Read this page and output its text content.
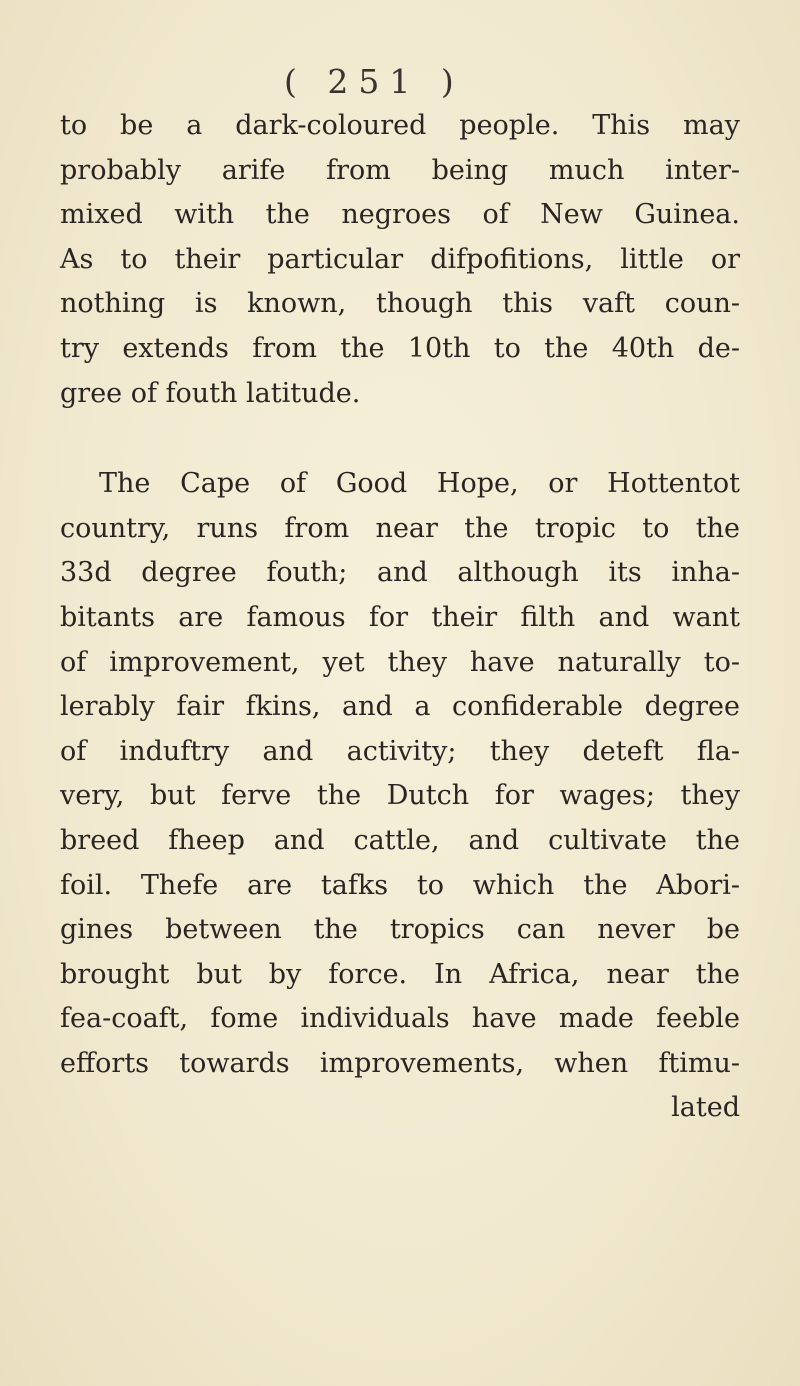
( 251 )
to be a dark-coloured people. This may
probably arife from being much inter-
mixed with the negroes of New Guinea.
As to their particular difpofitions, little or
nothing is known, though this vaft coun-
try extends from the 10th to the 40th de-
gree of fouth latitude.
The Cape of Good Hope, or Hottentot
country, runs from near the tropic to the
33d degree fouth; and although its inha-
bitants are famous for their filth and want
of improvement, yet they have naturally to-
lerably fair fkins, and a confiderable degree
of induftry and activity; they deteft fla-
very, but ferve the Dutch for wages; they
breed fheep and cattle, and cultivate the
foil. Thefe are tafks to which the Abori-
gines between the tropics can never be
brought but by force. In Africa, near the
fea-coaft, fome individuals have made feeble
efforts towards improvements, when ftimu-
lated
